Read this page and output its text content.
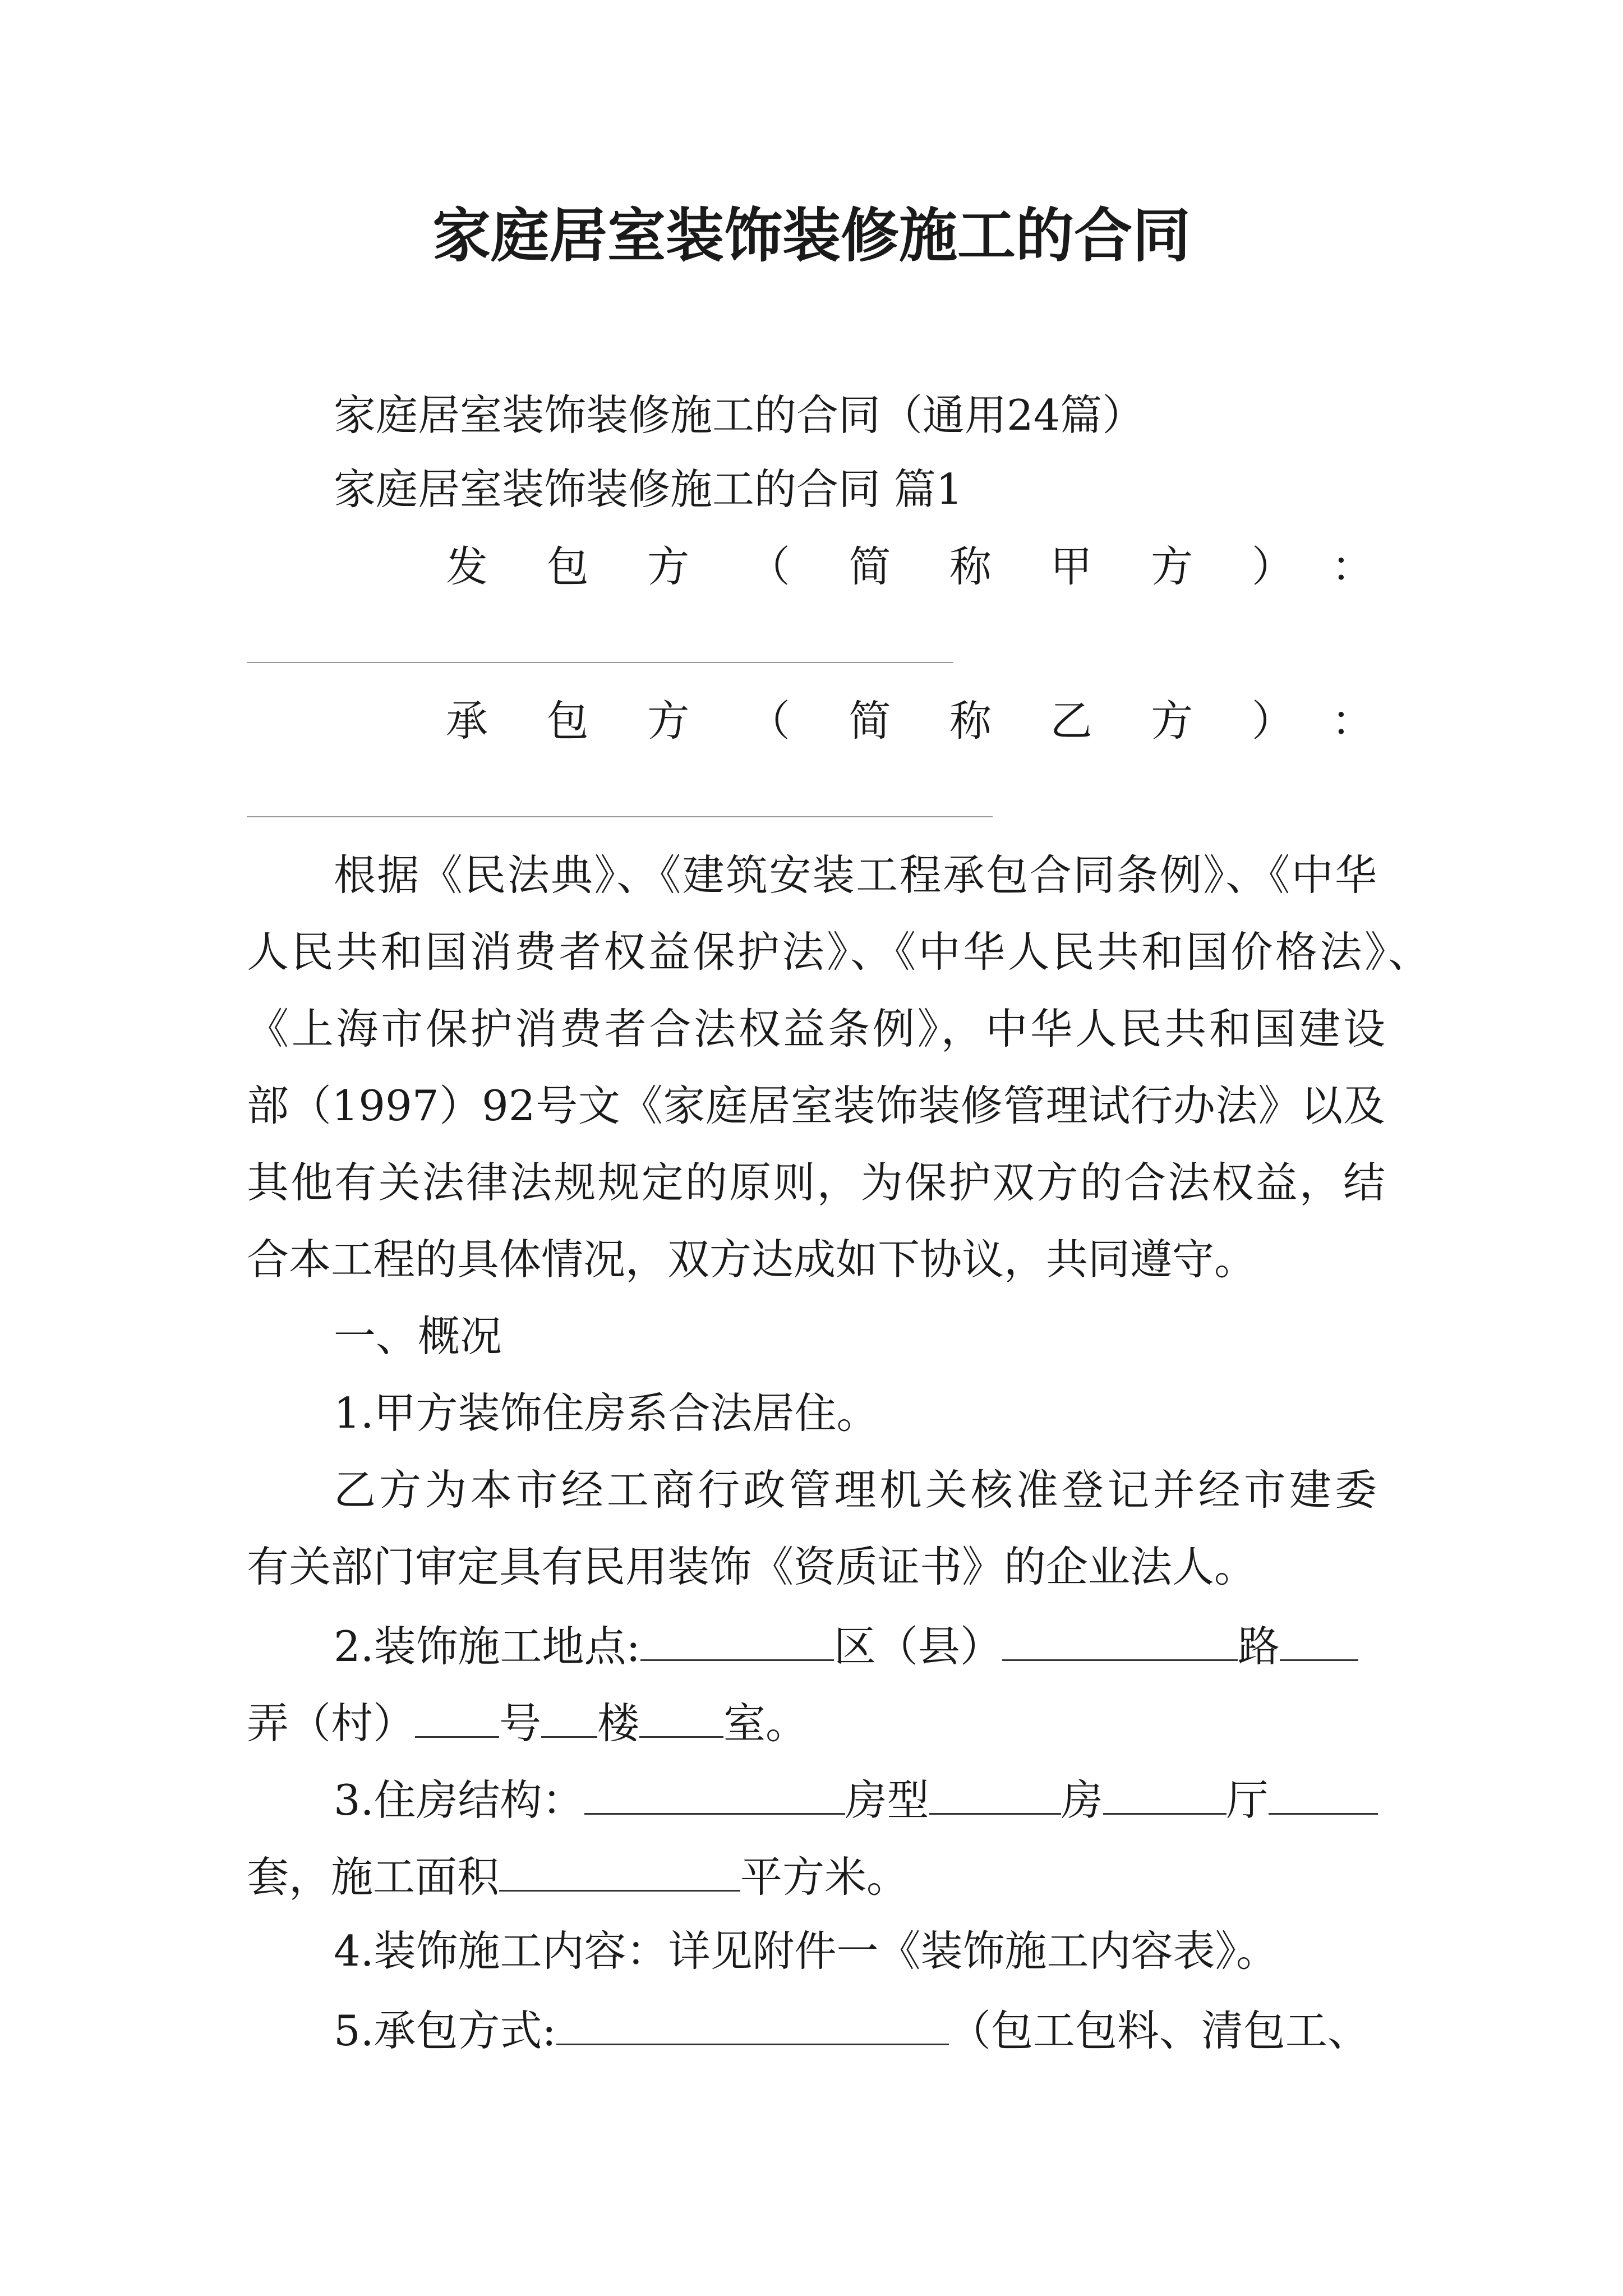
家庭居室装饰装修施工的合同
家庭居室装饰装修施工的合同（通用24篇）
家庭居室装饰装修施工的合同 篇1
发包方（简称甲方）：
承包方（简称乙方）：
根据《民法典》、《建筑安装工程承包合同条例》、《中华
人民共和国消费者权益保护法》、《中华人民共和国价格法》、
《上海市保护消费者合法权益条例》，中华人民共和国建设
部（1997）92号文《家庭居室装饰装修管理试行办法》以及
其他有关法律法规规定的原则，为保护双方的合法权益，结
合本工程的具体情况，双方达成如下协议，共同遵守。
一、概况
1.甲方装饰住房系合法居住。
乙方为本市经工商行政管理机关核准登记并经市建委
有关部门审定具有民用装饰《资质证书》的企业法人。
2.装饰施工地点:	区（县）	路
弄（村） 号 楼 室。
3.住房结构：	房型	房	厅
套，施工面积	平方米。
4.装饰施工内容：详见附件一《装饰施工内容表》。
5.承包方式:	（包工包料、清包工、
